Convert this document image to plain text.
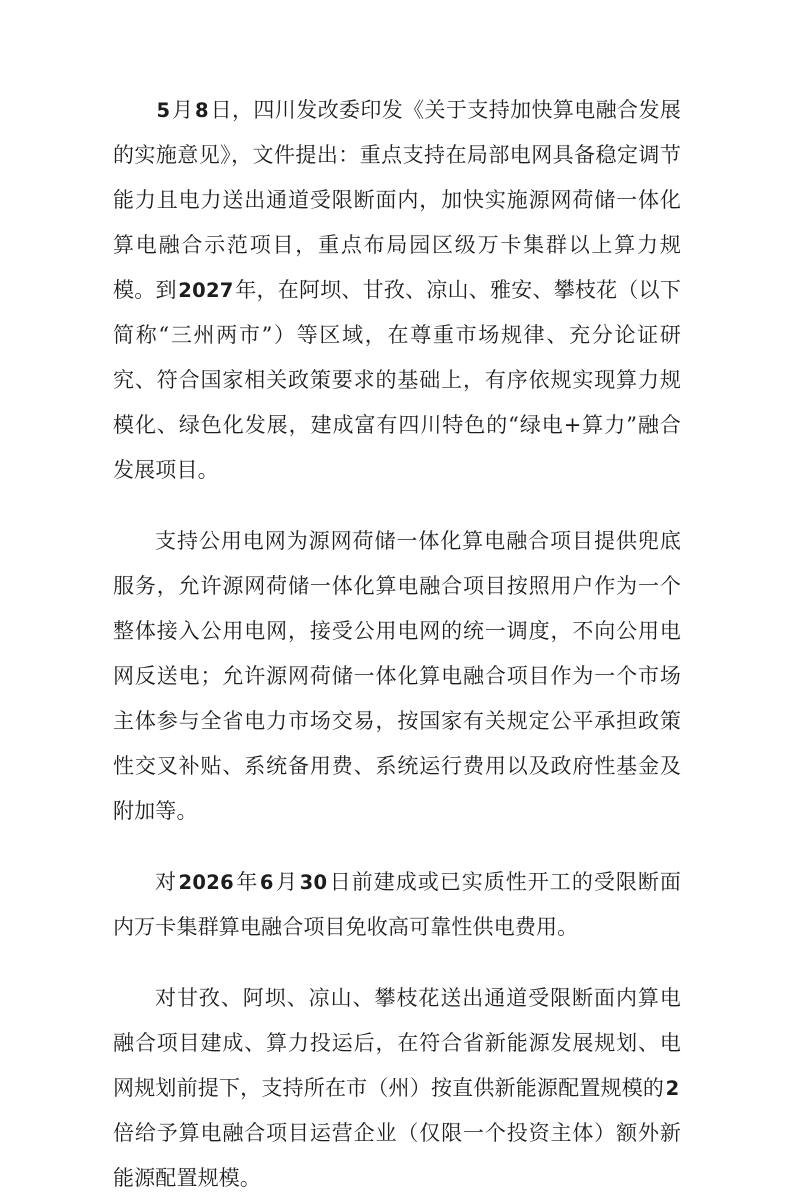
5月8日，四川发改委印发《关于支持加快算电融合发展的实施意见》，文件提出：重点支持在局部电网具备稳定调节能力且电力送出通道受限断面内，加快实施源网荷储一体化算电融合示范项目，重点布局园区级万卡集群以上算力规模。到2027年，在阿坝、甘孜、凉山、雅安、攀枝花（以下简称“三州两市”）等区域，在尊重市场规律、充分论证研究、符合国家相关政策要求的基础上，有序依规实现算力规模化、绿色化发展，建成富有四川特色的“绿电+算力”融合发展项目。

支持公用电网为源网荷储一体化算电融合项目提供兜底服务，允许源网荷储一体化算电融合项目按照用户作为一个整体接入公用电网，接受公用电网的统一调度，不向公用电网反送电；允许源网荷储一体化算电融合项目作为一个市场主体参与全省电力市场交易，按国家有关规定公平承担政策性交叉补贴、系统备用费、系统运行费用以及政府性基金及附加等。

对2026年6月30日前建成或已实质性开工的受限断面内万卡集群算电融合项目免收高可靠性供电费用。

对甘孜、阿坝、凉山、攀枝花送出通道受限断面内算电融合项目建成、算力投运后，在符合省新能源发展规划、电网规划前提下，支持所在市（州）按直供新能源配置规模的2倍给予算电融合项目运营企业（仅限一个投资主体）额外新能源配置规模。
